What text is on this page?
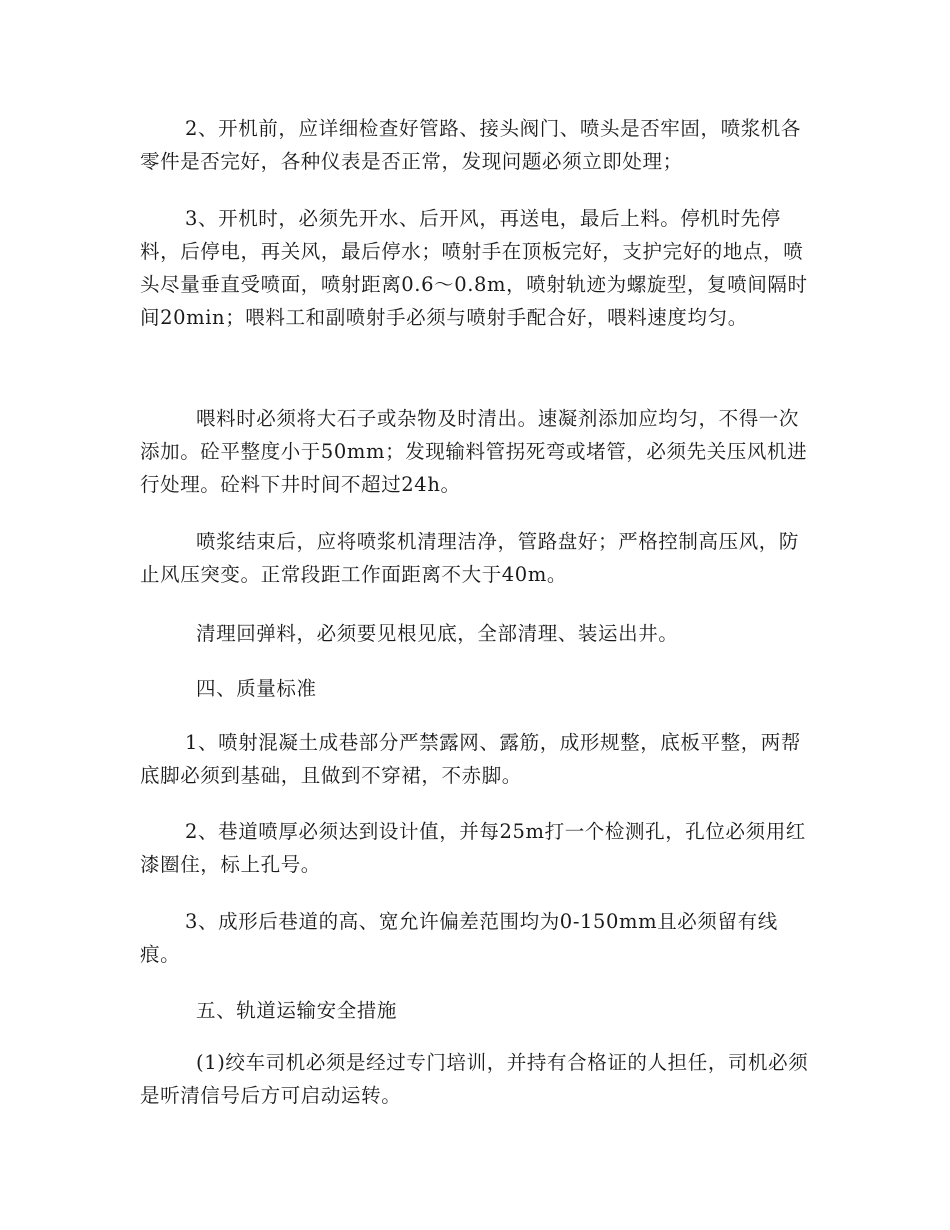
2、开机前，应详细检查好管路、接头阀门、喷头是否牢固，喷浆机各零件是否完好，各种仪表是否正常，发现问题必须立即处理；

3、开机时，必须先开水、后开风，再送电，最后上料。停机时先停料，后停电，再关风，最后停水；喷射手在顶板完好，支护完好的地点，喷头尽量垂直受喷面，喷射距离0.6～0.8m，喷射轨迹为螺旋型，复喷间隔时间20min；喂料工和副喷射手必须与喷射手配合好，喂料速度均匀。

喂料时必须将大石子或杂物及时清出。速凝剂添加应均匀，不得一次添加。砼平整度小于50mm；发现输料管拐死弯或堵管，必须先关压风机进行处理。砼料下井时间不超过24h。

喷浆结束后，应将喷浆机清理洁净，管路盘好；严格控制高压风，防止风压突变。正常段距工作面距离不大于40m。

清理回弹料，必须要见根见底，全部清理、装运出井。

四、质量标准

1、喷射混凝土成巷部分严禁露网、露筋，成形规整，底板平整，两帮底脚必须到基础，且做到不穿裙，不赤脚。

2、巷道喷厚必须达到设计值，并每25m打一个检测孔，孔位必须用红漆圈住，标上孔号。

3、成形后巷道的高、宽允许偏差范围均为0-150mm且必须留有线痕。

五、轨道运输安全措施

(1)绞车司机必须是经过专门培训，并持有合格证的人担任，司机必须是听清信号后方可启动运转。
